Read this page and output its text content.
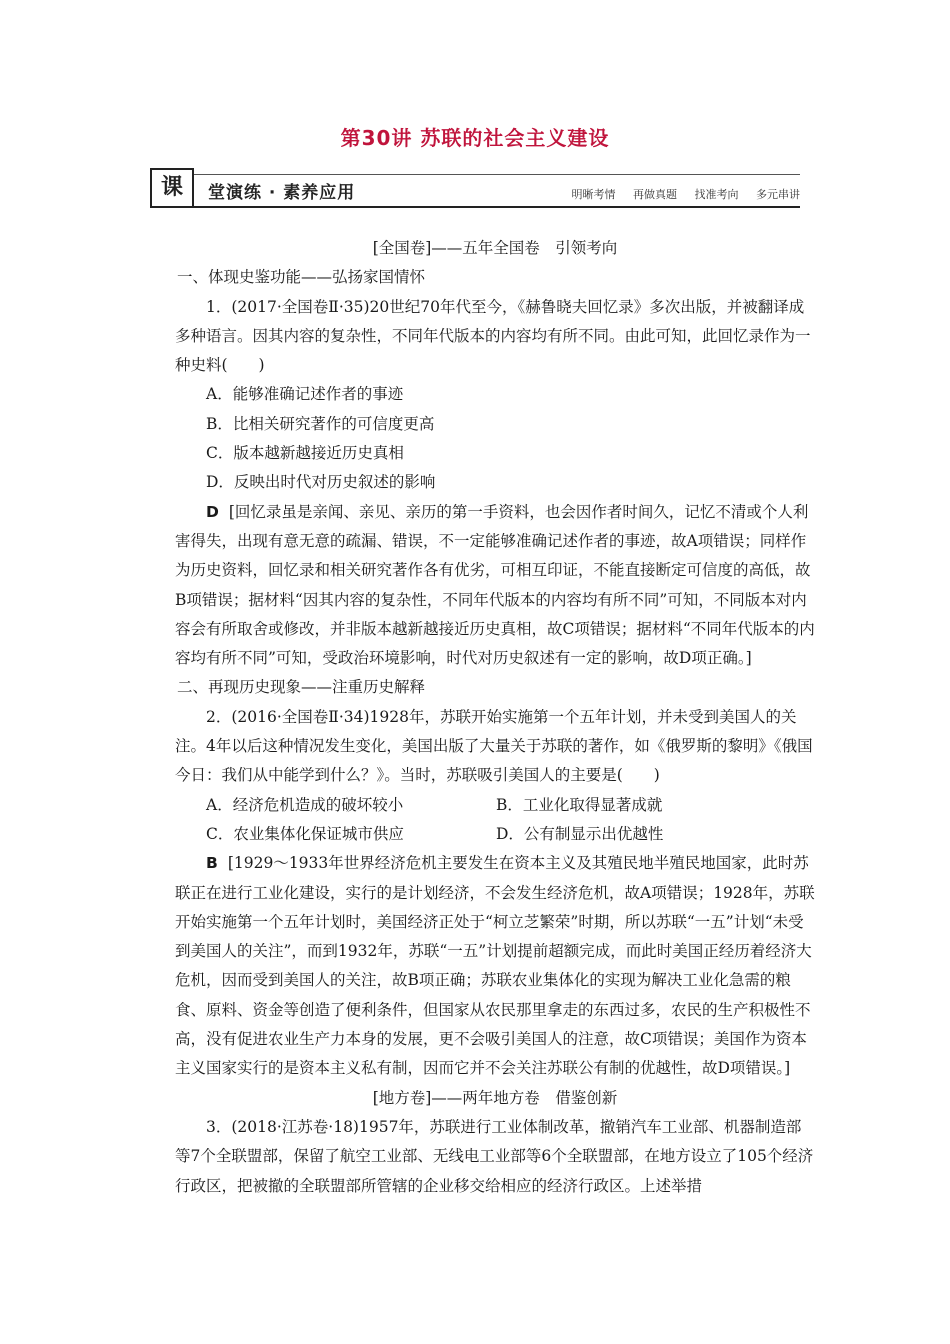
第30讲 苏联的社会主义建设
课	堂演练 · 素养应用	明晰考情 再做真题 找准考向 多元串讲

[全国卷]——五年全国卷　引领考向

一、体现史鉴功能——弘扬家国情怀

1．(2017·全国卷Ⅱ·35)20世纪70年代至今，《赫鲁晓夫回忆录》多次出版，并被翻译成多种语言。因其内容的复杂性，不同年代版本的内容均有所不同。由此可知，此回忆录作为一种史料(　　)

A．能够准确记述作者的事迹

B．比相关研究著作的可信度更高

C．版本越新越接近历史真相

D．反映出时代对历史叙述的影响

D [回忆录虽是亲闻、亲见、亲历的第一手资料，也会因作者时间久，记忆不清或个人利害得失，出现有意无意的疏漏、错误，不一定能够准确记述作者的事迹，故A项错误；同样作为历史资料，回忆录和相关研究著作各有优劣，可相互印证，不能直接断定可信度的高低，故B项错误；据材料“因其内容的复杂性，不同年代版本的内容均有所不同”可知，不同版本对内容会有所取舍或修改，并非版本越新越接近历史真相，故C项错误；据材料“不同年代版本的内容均有所不同”可知，受政治环境影响，时代对历史叙述有一定的影响，故D项正确。]

二、再现历史现象——注重历史解释

2．(2016·全国卷Ⅱ·34)1928年，苏联开始实施第一个五年计划，并未受到美国人的关注。4年以后这种情况发生变化，美国出版了大量关于苏联的著作，如《俄罗斯的黎明》《俄国今日：我们从中能学到什么？》。当时，苏联吸引美国人的主要是(　　)

A．经济危机造成的破坏较小	B．工业化取得显著成就
C．农业集体化保证城市供应	D．公有制显示出优越性

B [1929～1933年世界经济危机主要发生在资本主义及其殖民地半殖民地国家，此时苏联正在进行工业化建设，实行的是计划经济，不会发生经济危机，故A项错误；1928年，苏联开始实施第一个五年计划时，美国经济正处于“柯立芝繁荣”时期，所以苏联“一五”计划“未受到美国人的关注”，而到1932年，苏联“一五”计划提前超额完成，而此时美国正经历着经济大危机，因而受到美国人的关注，故B项正确；苏联农业集体化的实现为解决工业化急需的粮食、原料、资金等创造了便利条件，但国家从农民那里拿走的东西过多，农民的生产积极性不高，没有促进农业生产力本身的发展，更不会吸引美国人的注意，故C项错误；美国作为资本主义国家实行的是资本主义私有制，因而它并不会关注苏联公有制的优越性，故D项错误。]

[地方卷]——两年地方卷　借鉴创新

3．(2018·江苏卷·18)1957年，苏联进行工业体制改革，撤销汽车工业部、机器制造部等7个全联盟部，保留了航空工业部、无线电工业部等6个全联盟部，在地方设立了105个经济行政区，把被撤的全联盟部所管辖的企业移交给相应的经济行政区。上述举措
